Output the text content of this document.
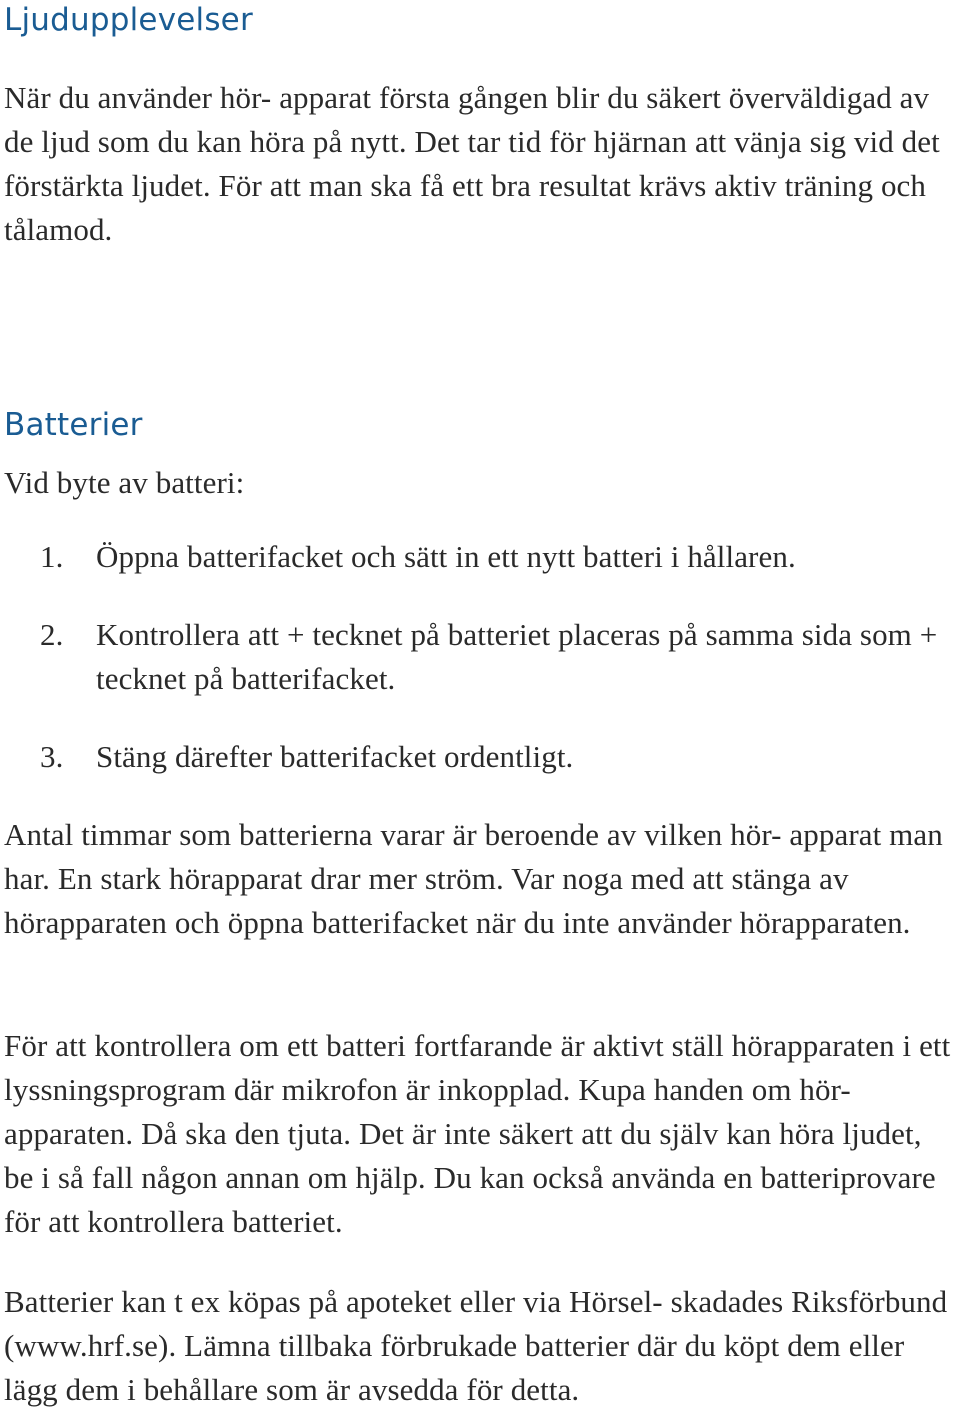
Ljudupplevelser

När du använder hör- apparat första gången blir du säkert överväldigad av de ljud som du kan höra på nytt. Det tar tid för hjärnan att vänja sig vid det förstärkta ljudet. För att man ska få ett bra resultat krävs aktiv träning och tålamod.

Batterier

Vid byte av batteri:

1.	Öppna batterifacket och sätt in ett nytt batteri i hållaren.
2.	Kontrollera att + tecknet på batteriet placeras på samma sida som + tecknet på batterifacket.
3.	Stäng därefter batterifacket ordentligt.

Antal timmar som batterierna varar är beroende av vilken hör- apparat man har. En stark hörapparat drar mer ström. Var noga med att stänga av hörapparaten och öppna batterifacket när du inte använder hörapparaten.

För att kontrollera om ett batteri fortfarande är aktivt ställ hörapparaten i ett lyssningsprogram där mikrofon är inkopplad. Kupa handen om hör- apparaten. Då ska den tjuta. Det är inte säkert att du själv kan höra ljudet, be i så fall någon annan om hjälp. Du kan också använda en batteriprovare för att kontrollera batteriet.

Batterier kan t ex köpas på apoteket eller via Hörsel- skadades Riksförbund (www.hrf.se). Lämna tillbaka förbrukade batterier där du köpt dem eller lägg dem i behållare som är avsedda för detta.
